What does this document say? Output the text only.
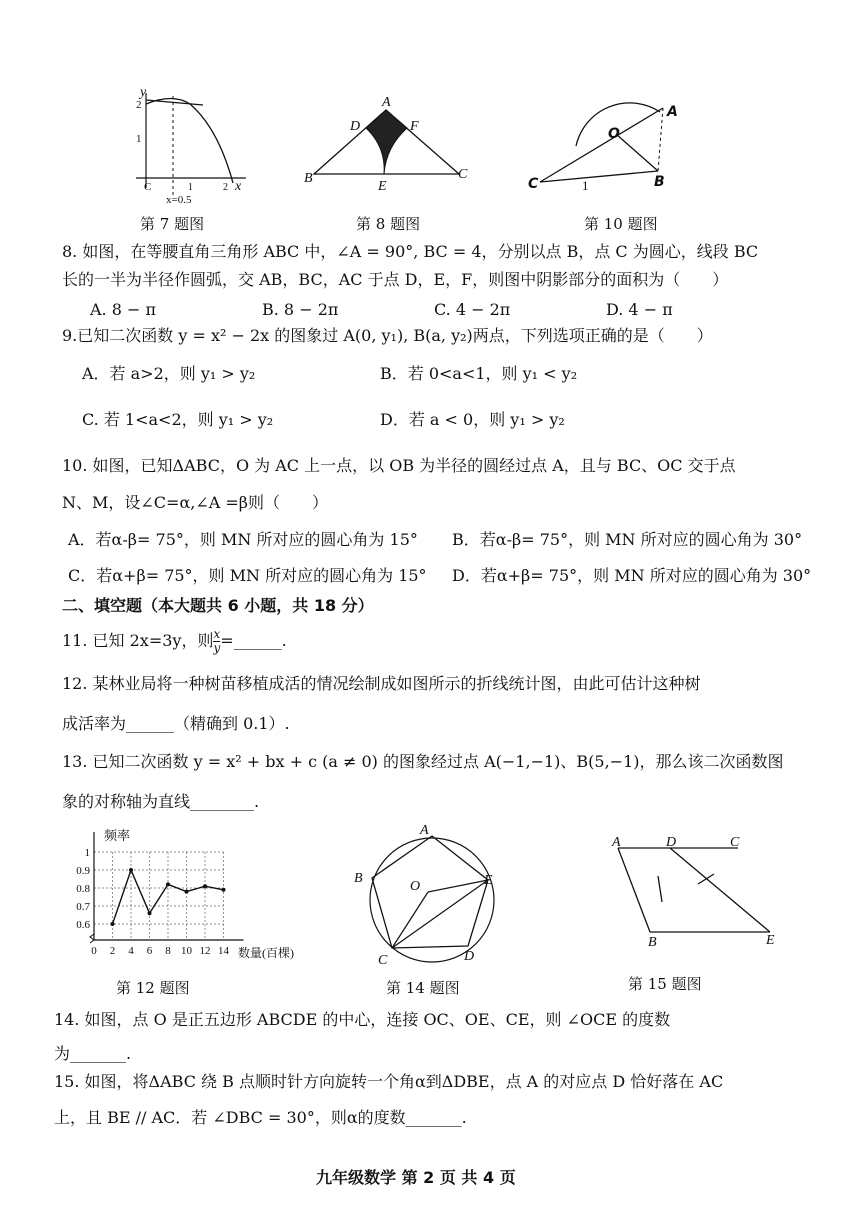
y
2
1
C	1	2 x
x=0.5
第 7 题图
A
B	C
D
E
F
第 8 题图
A
O
C	B
1
第 10 题图
8. 如图，在等腰直角三角形 ABC 中，∠A = 90°, BC = 4，分别以点 B，点 C 为圆心，线段 BC
长的一半为半径作圆弧，交 AB，BC，AC 于点 D，E，F，则图中阴影部分的面积为（　　）
A. 8 − π	B. 8 − 2π	C. 4 − 2π	D. 4 − π
9.已知二次函数 y = x² − 2x 的图象过 A(0, y₁), B(a, y₂)两点，下列选项正确的是（　　）
A．若 a>2，则 y₁ > y₂	B．若 0<a<1，则 y₁ < y₂
C. 若 1<a<2，则 y₁ > y₂	D．若 a < 0，则 y₁ > y₂
10. 如图，已知ΔABC，O 为 AC 上一点，以 OB 为半径的圆经过点 A，且与 BC、OC 交于点
N、M，设∠C=α,∠A =β则（　　）
A．若α-β= 75°，则 MN 所对应的圆心角为 15° B．若α-β= 75°，则 MN 所对应的圆心角为 30°
C．若α+β= 75°，则 MN 所对应的圆心角为 15° D．若α+β= 75°，则 MN 所对应的圆心角为 30°
二、填空题（本大题共 6 小题，共 18 分）
11. 已知 2x=3y，则 $\frac{x}{y}$ =______.
12. 某林业局将一种树苗移植成活的情况绘制成如图所示的折线统计图，由此可估计这种树
成活率为______（精确到 0.1）.
13. 已知二次函数 y = x² + bx + c (a ≠ 0) 的图象经过点 A(−1,−1)、B(5,−1)，那么该二次函数图
象的对称轴为直线________.
1
0.9
0.8
0.7
0.6
0 2 4 6 8 10 12 14
频率
数量(百棵)
第 12 题图
A
B
C	D
E
O
第 14 题图
A	D	C
B	E
第 15 题图
14. 如图，点 O 是正五边形 ABCDE 的中心，连接 OC、OE、CE，则 ∠OCE 的度数
为_______.
15. 如图，将ΔABC 绕 B 点顺时针方向旋转一个角α到ΔDBE，点 A 的对应点 D 恰好落在 AC
上，且 BE // AC．若 ∠DBC = 30°，则α的度数_______.
九年级数学 第 2 页 共 4 页
